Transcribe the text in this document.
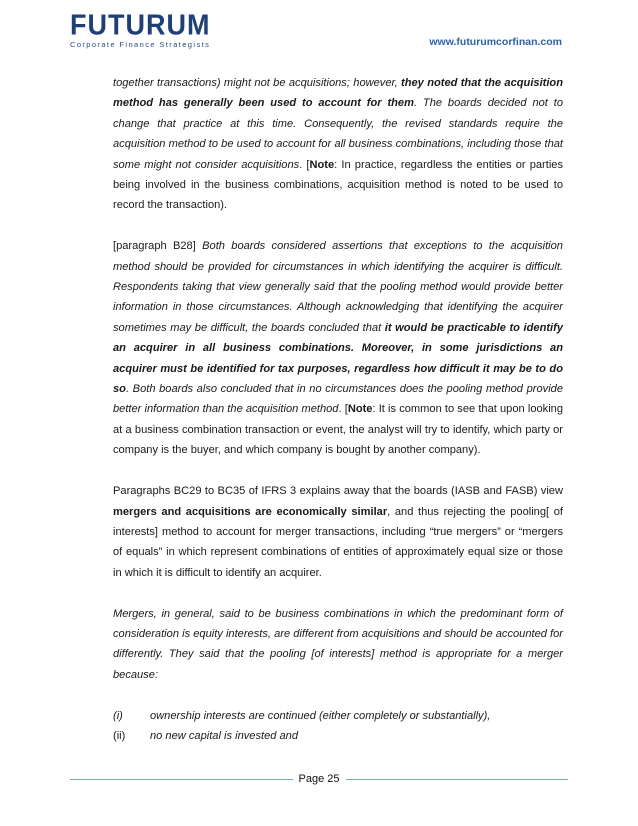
FUTURUM
Corporate Finance Strategists	www.futurumcorfinan.com

together transactions) might not be acquisitions; however, they noted that the acquisition method has generally been used to account for them. The boards decided not to change that practice at this time. Consequently, the revised standards require the acquisition method to be used to account for all business combinations, including those that some might not consider acquisitions. [Note: In practice, regardless the entities or parties being involved in the business combinations, acquisition method is noted to be used to record the transaction).

[paragraph B28] Both boards considered assertions that exceptions to the acquisition method should be provided for circumstances in which identifying the acquirer is difficult. Respondents taking that view generally said that the pooling method would provide better information in those circumstances. Although acknowledging that identifying the acquirer sometimes may be difficult, the boards concluded that it would be practicable to identify an acquirer in all business combinations. Moreover, in some jurisdictions an acquirer must be identified for tax purposes, regardless how difficult it may be to do so. Both boards also concluded that in no circumstances does the pooling method provide better information than the acquisition method. [Note: It is common to see that upon looking at a business combination transaction or event, the analyst will try to identify, which party or company is the buyer, and which company is bought by another company).

Paragraphs BC29 to BC35 of IFRS 3 explains away that the boards (IASB and FASB) view mergers and acquisitions are economically similar, and thus rejecting the pooling[ of interests] method to account for merger transactions, including “true mergers” or “mergers of equals” in which represent combinations of entities of approximately equal size or those in which it is difficult to identify an acquirer.

Mergers, in general, said to be business combinations in which the predominant form of consideration is equity interests, are different from acquisitions and should be accounted for differently. They said that the pooling [of interests] method is appropriate for a merger because:

(i)	ownership interests are continued (either completely or substantially),
(ii)	no new capital is invested and
Page 25
